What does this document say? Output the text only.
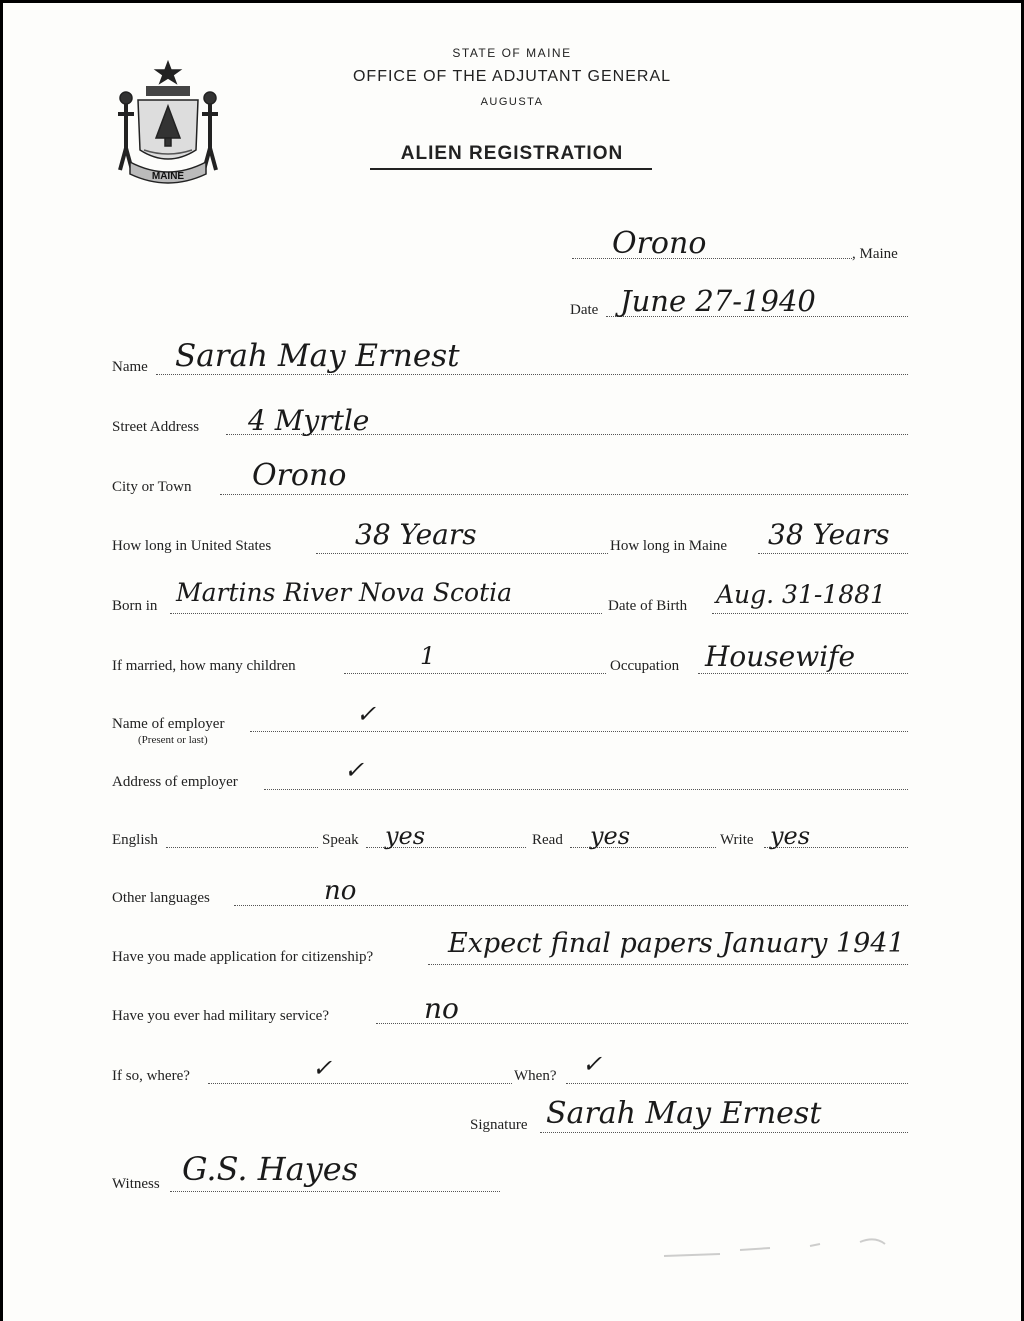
MAINE
STATE OF MAINE
OFFICE OF THE ADJUTANT GENERAL
AUGUSTA
ALIEN REGISTRATION
Orono	, Maine
Date June 27-1940
Name Sarah May Ernest
Street Address 4 Myrtle
City or Town Orono
How long in United States	38 Years	How long in Maine 38 Years
Born in Martins River Nova Scotia	Date of Birth Aug. 31-1881
If married, how many children	1	Occupation Housewife
Name of employer
(Present or last)
✓
Address of employer	✓
English	Speak yes	Read yes	Write yes
Other languages	no
Have you made application for citizenship?	Expect final papers January 1941
Have you ever had military service?	no
If so, where?	✓	When? ✓
Signature Sarah May Ernest
Witness G.S. Hayes
